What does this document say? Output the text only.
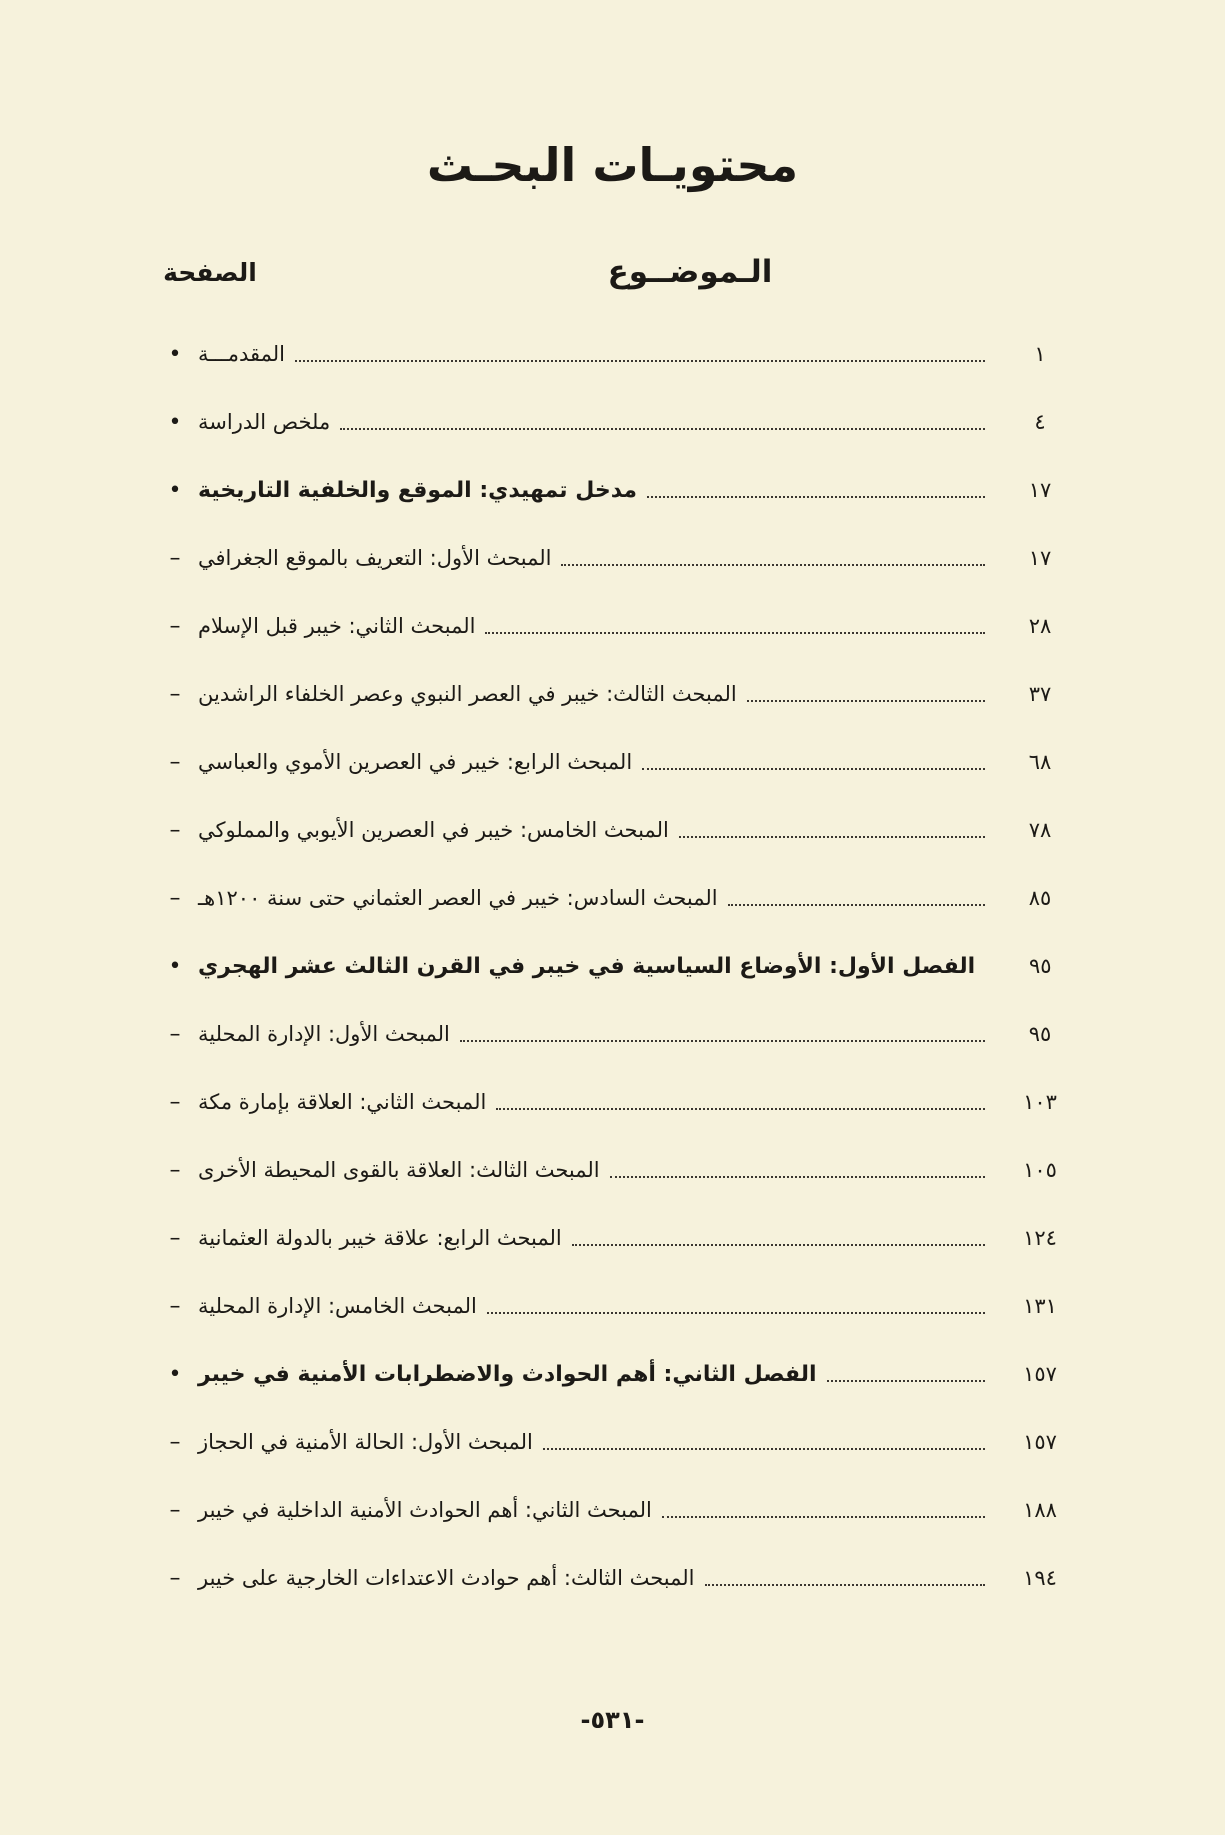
محتويـات البحـث
الـموضــوع
الصفحة
• المقدمـــة	١
• ملخص الدراسة	٤
• مدخل تمهيدي: الموقع والخلفية التاريخية	١٧
– المبحث الأول: التعريف بالموقع الجغرافي	١٧
– المبحث الثاني: خيبر قبل الإسلام	٢٨
– المبحث الثالث: خيبر في العصر النبوي وعصر الخلفاء الراشدين	٣٧
– المبحث الرابع: خيبر في العصرين الأموي والعباسي	٦٨
– المبحث الخامس: خيبر في العصرين الأيوبي والمملوكي	٧٨
– المبحث السادس: خيبر في العصر العثماني حتى سنة ١٢٠٠هـ	٨٥
• الفصل الأول: الأوضاع السياسية في خيبر في القرن الثالث عشر الهجري	٩٥
– المبحث الأول: الإدارة المحلية	٩٥
– المبحث الثاني: العلاقة بإمارة مكة	١٠٣
– المبحث الثالث: العلاقة بالقوى المحيطة الأخرى	١٠٥
– المبحث الرابع: علاقة خيبر بالدولة العثمانية	١٢٤
– المبحث الخامس: الإدارة المحلية	١٣١
• الفصل الثاني: أهم الحوادث والاضطرابات الأمنية في خيبر	١٥٧
– المبحث الأول: الحالة الأمنية في الحجاز	١٥٧
– المبحث الثاني: أهم الحوادث الأمنية الداخلية في خيبر	١٨٨
– المبحث الثالث: أهم حوادث الاعتداءات الخارجية على خيبر	١٩٤
-٥٣١-
